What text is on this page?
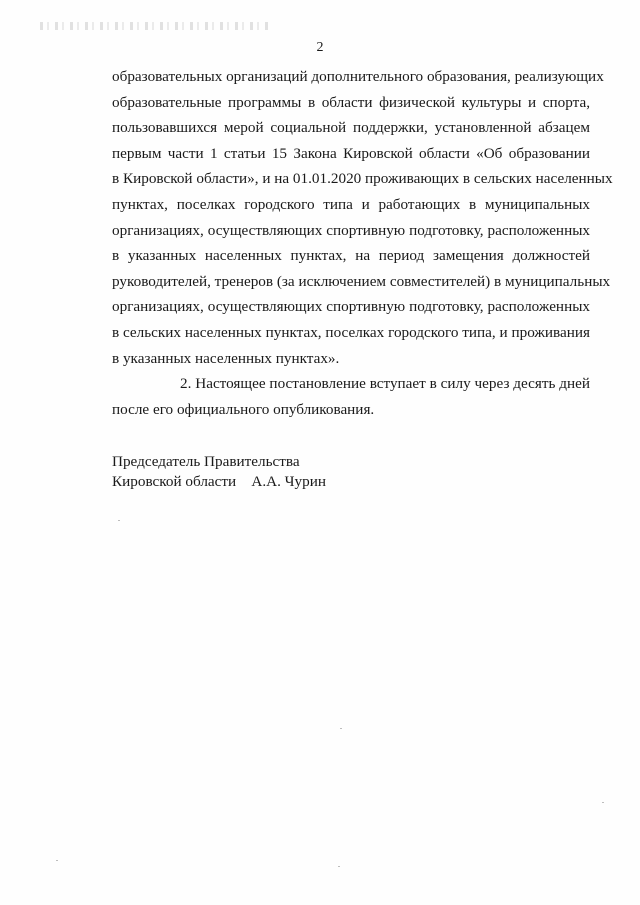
2
образовательных организаций дополнительного образования, реализующих
образовательные программы в области физической культуры и спорта,
пользовавшихся мерой социальной поддержки, установленной абзацем
первым части 1 статьи 15 Закона Кировской области «Об образовании
в Кировской области», и на 01.01.2020 проживающих в сельских населенных
пунктах, поселках городского типа и работающих в муниципальных
организациях, осуществляющих спортивную подготовку, расположенных
в указанных населенных пунктах, на период замещения должностей
руководителей, тренеров (за исключением совместителей) в муниципальных
организациях, осуществляющих спортивную подготовку, расположенных
в сельских населенных пунктах, поселках городского типа, и проживания
в указанных населенных пунктах».
2. Настоящее постановление вступает в силу через десять дней
после его официального опубликования.
Председатель Правительства
Кировской области    А.А. Чурин
